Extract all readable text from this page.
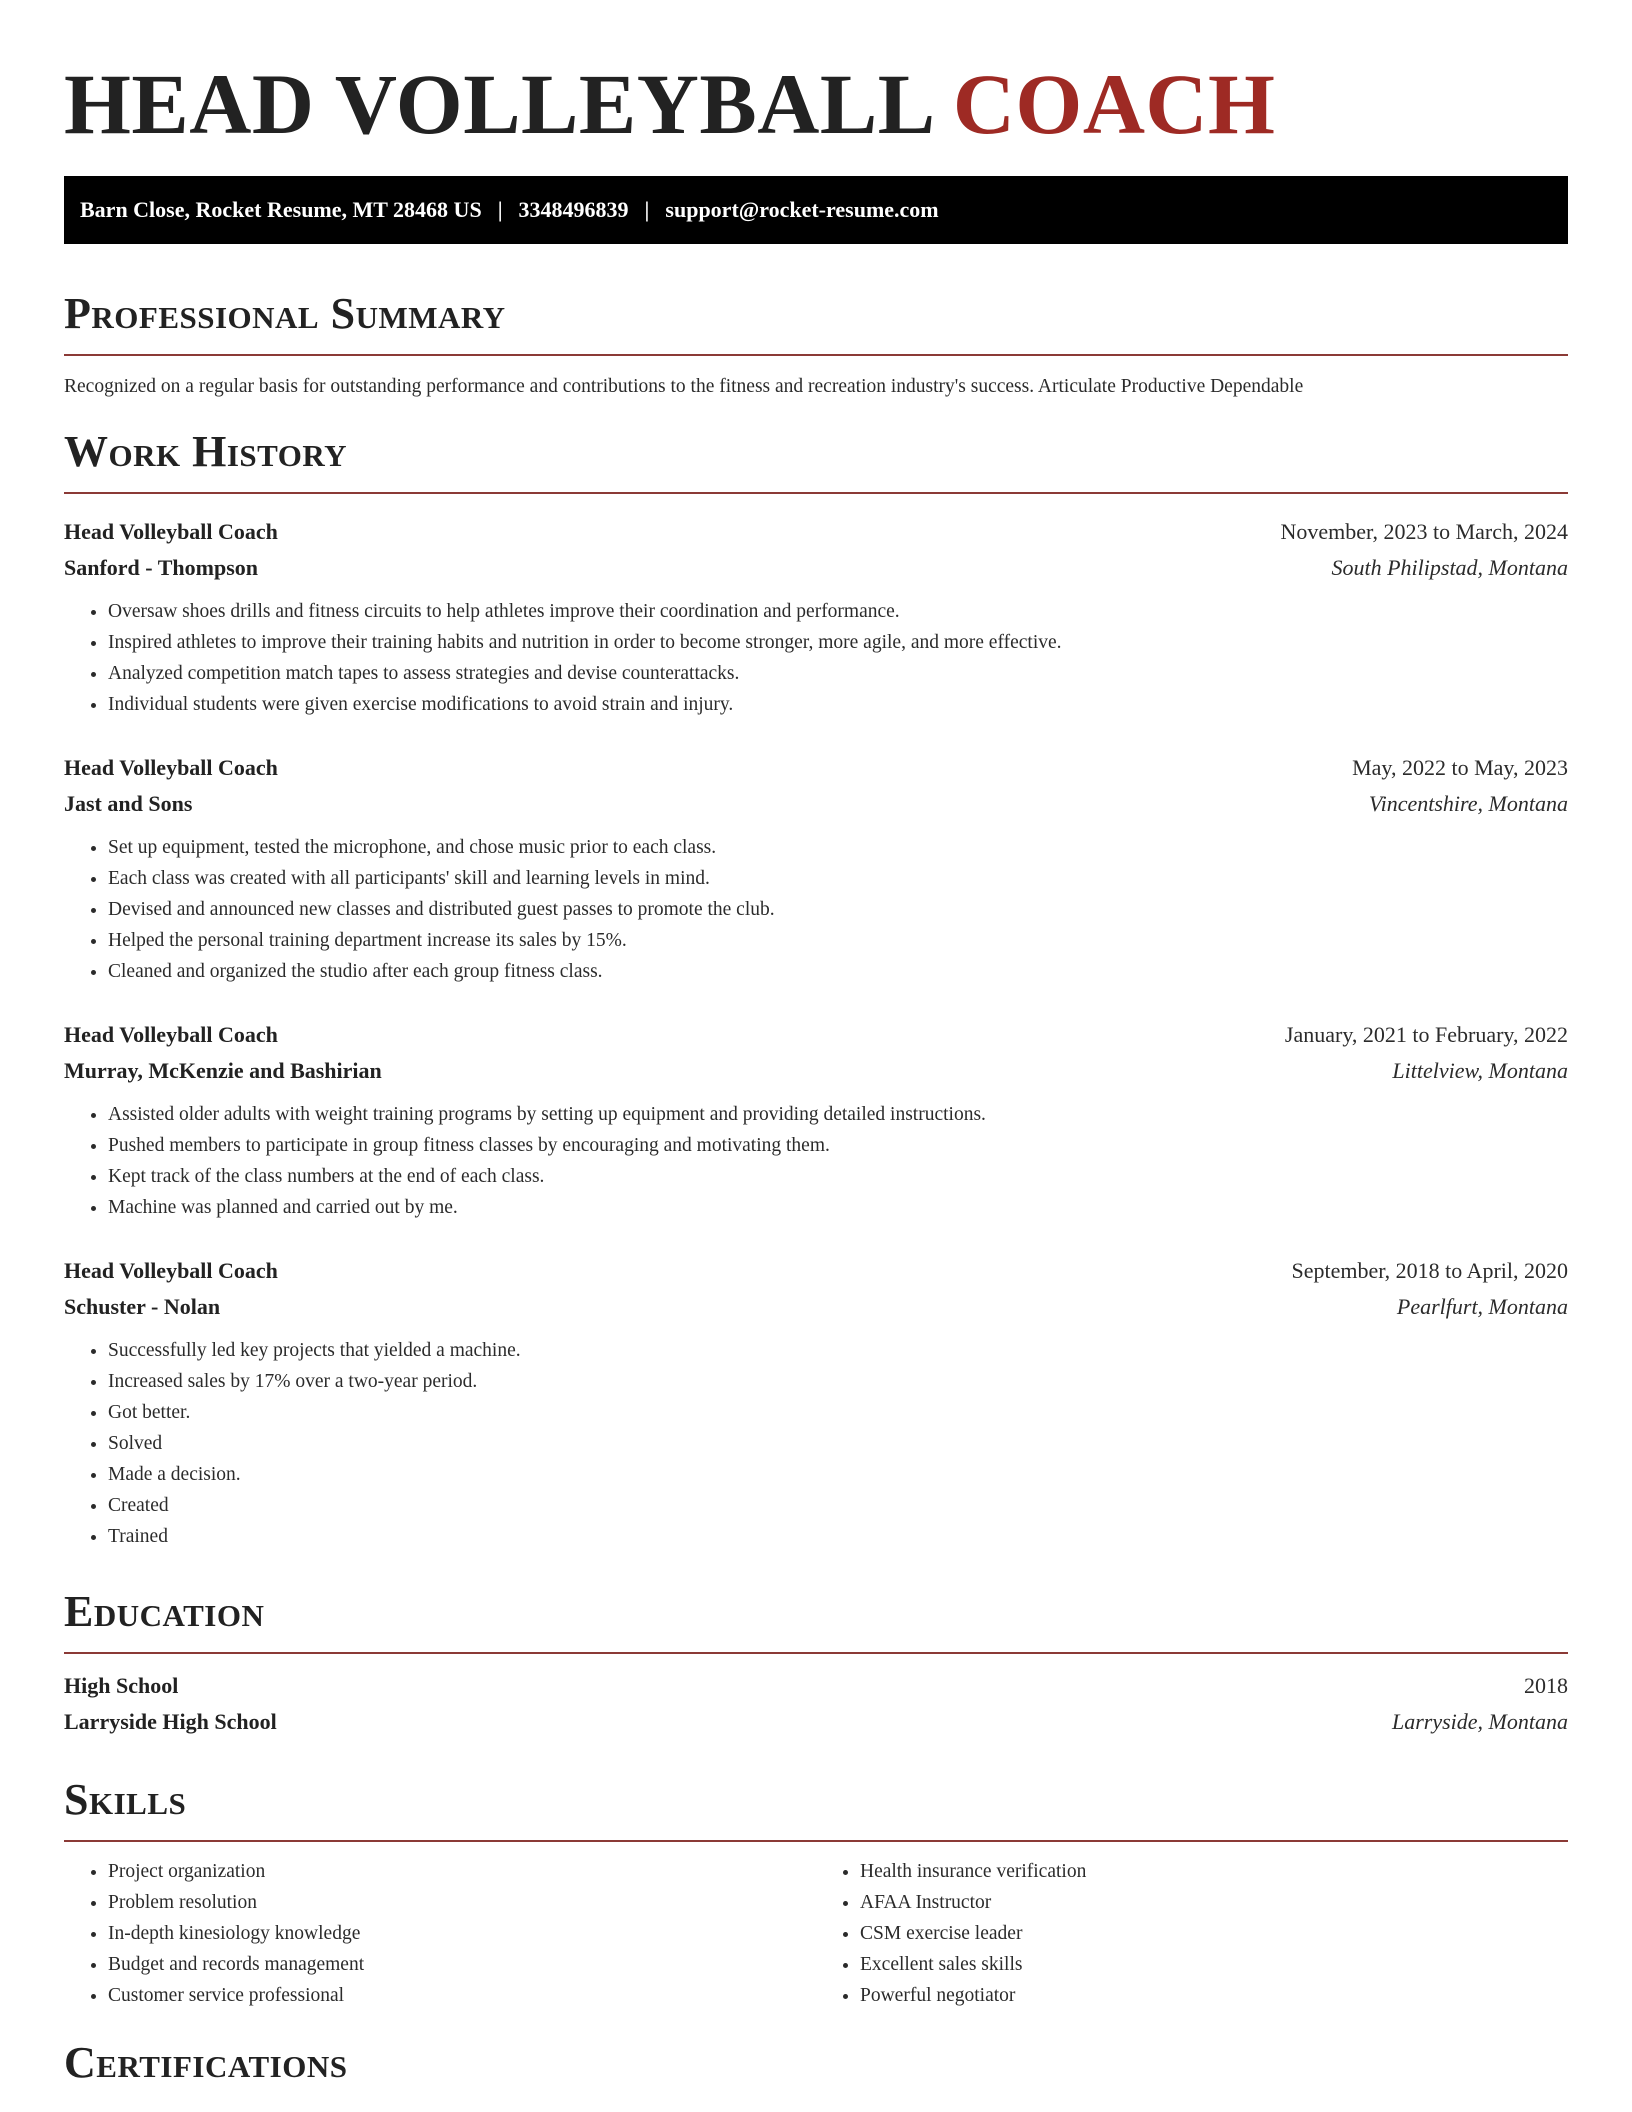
HEAD VOLLEYBALL COACH
Barn Close, Rocket Resume, MT 28468 US | 3348496839 | support@rocket-resume.com
Professional Summary
Recognized on a regular basis for outstanding performance and contributions to the fitness and recreation industry's success. Articulate Productive Dependable
Work History
Head Volleyball Coach	November, 2023 to March, 2024
Sanford - Thompson	South Philipstad, Montana
• Oversaw shoes drills and fitness circuits to help athletes improve their coordination and performance.
• Inspired athletes to improve their training habits and nutrition in order to become stronger, more agile, and more effective.
• Analyzed competition match tapes to assess strategies and devise counterattacks.
• Individual students were given exercise modifications to avoid strain and injury.
Head Volleyball Coach	May, 2022 to May, 2023
Jast and Sons	Vincentshire, Montana
• Set up equipment, tested the microphone, and chose music prior to each class.
• Each class was created with all participants' skill and learning levels in mind.
• Devised and announced new classes and distributed guest passes to promote the club.
• Helped the personal training department increase its sales by 15%.
• Cleaned and organized the studio after each group fitness class.
Head Volleyball Coach	January, 2021 to February, 2022
Murray, McKenzie and Bashirian	Littelview, Montana
• Assisted older adults with weight training programs by setting up equipment and providing detailed instructions.
• Pushed members to participate in group fitness classes by encouraging and motivating them.
• Kept track of the class numbers at the end of each class.
• Machine was planned and carried out by me.
Head Volleyball Coach	September, 2018 to April, 2020
Schuster - Nolan	Pearlfurt, Montana
• Successfully led key projects that yielded a machine.
• Increased sales by 17% over a two-year period.
• Got better.
• Solved
• Made a decision.
• Created
• Trained
Education
High School	2018
Larryside High School	Larryside, Montana
Skills
• Project organization
• Problem resolution
• In-depth kinesiology knowledge
• Budget and records management
• Customer service professional
• Health insurance verification
• AFAA Instructor
• CSM exercise leader
• Excellent sales skills
• Powerful negotiator
Certifications
